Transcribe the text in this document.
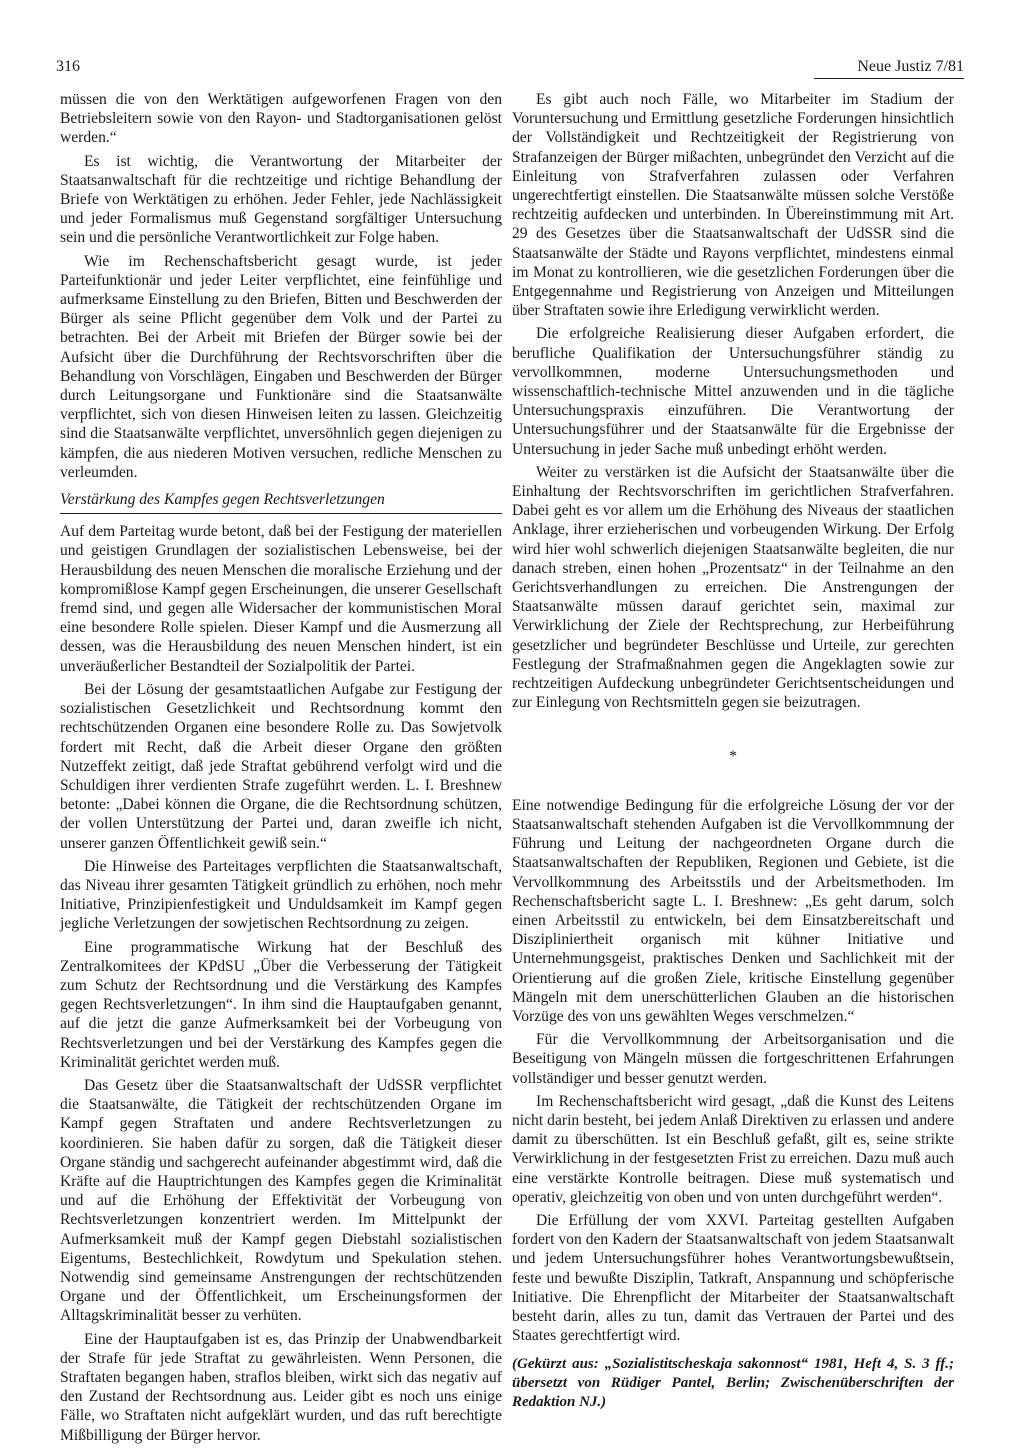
316	Neue Justiz 7/81

müssen die von den Werktätigen aufgeworfenen Fragen von den Betriebsleitern sowie von den Rayon- und Stadtorganisationen gelöst werden.“

Es ist wichtig, die Verantwortung der Mitarbeiter der Staatsanwaltschaft für die rechtzeitige und richtige Behandlung der Briefe von Werktätigen zu erhöhen. Jeder Fehler, jede Nachlässigkeit und jeder Formalismus muß Gegenstand sorgfältiger Untersuchung sein und die persönliche Verantwortlichkeit zur Folge haben.

Wie im Rechenschaftsbericht gesagt wurde, ist jeder Parteifunktionär und jeder Leiter verpflichtet, eine feinfühlige und aufmerksame Einstellung zu den Briefen, Bitten und Beschwerden der Bürger als seine Pflicht gegenüber dem Volk und der Partei zu betrachten. Bei der Arbeit mit Briefen der Bürger sowie bei der Aufsicht über die Durchführung der Rechtsvorschriften über die Behandlung von Vorschlägen, Eingaben und Beschwerden der Bürger durch Leitungsorgane und Funktionäre sind die Staatsanwälte verpflichtet, sich von diesen Hinweisen leiten zu lassen. Gleichzeitig sind die Staatsanwälte verpflichtet, unversöhnlich gegen diejenigen zu kämpfen, die aus niederen Motiven versuchen, redliche Menschen zu verleumden.

Verstärkung des Kampfes gegen Rechtsverletzungen

Auf dem Parteitag wurde betont, daß bei der Festigung der materiellen und geistigen Grundlagen der sozialistischen Lebensweise, bei der Herausbildung des neuen Menschen die moralische Erziehung und der kompromißlose Kampf gegen Erscheinungen, die unserer Gesellschaft fremd sind, und gegen alle Widersacher der kommunistischen Moral eine besondere Rolle spielen. Dieser Kampf und die Ausmerzung all dessen, was die Herausbildung des neuen Menschen hindert, ist ein unveräußerlicher Bestandteil der Sozialpolitik der Partei.

Bei der Lösung der gesamtstaatlichen Aufgabe zur Festigung der sozialistischen Gesetzlichkeit und Rechtsordnung kommt den rechtschützenden Organen eine besondere Rolle zu. Das Sowjetvolk fordert mit Recht, daß die Arbeit dieser Organe den größten Nutzeffekt zeitigt, daß jede Straftat gebührend verfolgt wird und die Schuldigen ihrer verdienten Strafe zugeführt werden. L. I. Breshnew betonte: „Dabei können die Organe, die die Rechtsordnung schützen, der vollen Unterstützung der Partei und, daran zweifle ich nicht, unserer ganzen Öffentlichkeit gewiß sein.“

Die Hinweise des Parteitages verpflichten die Staatsanwaltschaft, das Niveau ihrer gesamten Tätigkeit gründlich zu erhöhen, noch mehr Initiative, Prinzipienfestigkeit und Unduldsamkeit im Kampf gegen jegliche Verletzungen der sowjetischen Rechtsordnung zu zeigen.

Eine programmatische Wirkung hat der Beschluß des Zentralkomitees der KPdSU „Über die Verbesserung der Tätigkeit zum Schutz der Rechtsordnung und die Verstärkung des Kampfes gegen Rechtsverletzungen“. In ihm sind die Hauptaufgaben genannt, auf die jetzt die ganze Aufmerksamkeit bei der Vorbeugung von Rechtsverletzungen und bei der Verstärkung des Kampfes gegen die Kriminalität gerichtet werden muß.

Das Gesetz über die Staatsanwaltschaft der UdSSR verpflichtet die Staatsanwälte, die Tätigkeit der rechtschützenden Organe im Kampf gegen Straftaten und andere Rechtsverletzungen zu koordinieren. Sie haben dafür zu sorgen, daß die Tätigkeit dieser Organe ständig und sachgerecht aufeinander abgestimmt wird, daß die Kräfte auf die Hauptrichtungen des Kampfes gegen die Kriminalität und auf die Erhöhung der Effektivität der Vorbeugung von Rechtsverletzungen konzentriert werden. Im Mittelpunkt der Aufmerksamkeit muß der Kampf gegen Diebstahl sozialistischen Eigentums, Bestechlichkeit, Rowdytum und Spekulation stehen. Notwendig sind gemeinsame Anstrengungen der rechtschützenden Organe und der Öffentlichkeit, um Erscheinungsformen der Alltagskriminalität besser zu verhüten.

Eine der Hauptaufgaben ist es, das Prinzip der Unabwendbarkeit der Strafe für jede Straftat zu gewährleisten. Wenn Personen, die Straftaten begangen haben, straflos bleiben, wirkt sich das negativ auf den Zustand der Rechtsordnung aus. Leider gibt es noch uns einige Fälle, wo Straftaten nicht aufgeklärt wurden, und das ruft berechtigte Mißbilligung der Bürger hervor.

Es gibt auch noch Fälle, wo Mitarbeiter im Stadium der Voruntersuchung und Ermittlung gesetzliche Forderungen hinsichtlich der Vollständigkeit und Rechtzeitigkeit der Registrierung von Strafanzeigen der Bürger mißachten, unbegründet den Verzicht auf die Einleitung von Strafverfahren zulassen oder Verfahren ungerechtfertigt einstellen. Die Staatsanwälte müssen solche Verstöße rechtzeitig aufdecken und unterbinden. In Übereinstimmung mit Art. 29 des Gesetzes über die Staatsanwaltschaft der UdSSR sind die Staatsanwälte der Städte und Rayons verpflichtet, mindestens einmal im Monat zu kontrollieren, wie die gesetzlichen Forderungen über die Entgegennahme und Registrierung von Anzeigen und Mitteilungen über Straftaten sowie ihre Erledigung verwirklicht werden.

Die erfolgreiche Realisierung dieser Aufgaben erfordert, die berufliche Qualifikation der Untersuchungsführer ständig zu vervollkommnen, moderne Untersuchungsmethoden und wissenschaftlich-technische Mittel anzuwenden und in die tägliche Untersuchungspraxis einzuführen. Die Verantwortung der Untersuchungsführer und der Staatsanwälte für die Ergebnisse der Untersuchung in jeder Sache muß unbedingt erhöht werden.

Weiter zu verstärken ist die Aufsicht der Staatsanwälte über die Einhaltung der Rechtsvorschriften im gerichtlichen Strafverfahren. Dabei geht es vor allem um die Erhöhung des Niveaus der staatlichen Anklage, ihrer erzieherischen und vorbeugenden Wirkung. Der Erfolg wird hier wohl schwerlich diejenigen Staatsanwälte begleiten, die nur danach streben, einen hohen „Prozentsatz“ in der Teilnahme an den Gerichtsverhandlungen zu erreichen. Die Anstrengungen der Staatsanwälte müssen darauf gerichtet sein, maximal zur Verwirklichung der Ziele der Rechtsprechung, zur Herbeiführung gesetzlicher und begründeter Beschlüsse und Urteile, zur gerechten Festlegung der Strafmaßnahmen gegen die Angeklagten sowie zur rechtzeitigen Aufdeckung unbegründeter Gerichtsentscheidungen und zur Einlegung von Rechtsmitteln gegen sie beizutragen.

*

Eine notwendige Bedingung für die erfolgreiche Lösung der vor der Staatsanwaltschaft stehenden Aufgaben ist die Vervollkommnung der Führung und Leitung der nachgeordneten Organe durch die Staatsanwaltschaften der Republiken, Regionen und Gebiete, ist die Vervollkommnung des Arbeitsstils und der Arbeitsmethoden. Im Rechenschaftsbericht sagte L. I. Breshnew: „Es geht darum, solch einen Arbeitsstil zu entwickeln, bei dem Einsatzbereitschaft und Diszipliniertheit organisch mit kühner Initiative und Unternehmungsgeist, praktisches Denken und Sachlichkeit mit der Orientierung auf die großen Ziele, kritische Einstellung gegenüber Mängeln mit dem unerschütterlichen Glauben an die historischen Vorzüge des von uns gewählten Weges verschmelzen.“

Für die Vervollkommnung der Arbeitsorganisation und die Beseitigung von Mängeln müssen die fortgeschrittenen Erfahrungen vollständiger und besser genutzt werden.

Im Rechenschaftsbericht wird gesagt, „daß die Kunst des Leitens nicht darin besteht, bei jedem Anlaß Direktiven zu erlassen und andere damit zu überschütten. Ist ein Beschluß gefaßt, gilt es, seine strikte Verwirklichung in der festgesetzten Frist zu erreichen. Dazu muß auch eine verstärkte Kontrolle beitragen. Diese muß systematisch und operativ, gleichzeitig von oben und von unten durchgeführt werden“.

Die Erfüllung der vom XXVI. Parteitag gestellten Aufgaben fordert von den Kadern der Staatsanwaltschaft von jedem Staatsanwalt und jedem Untersuchungsführer hohes Verantwortungsbewußtsein, feste und bewußte Disziplin, Tatkraft, Anspannung und schöpferische Initiative. Die Ehrenpflicht der Mitarbeiter der Staatsanwaltschaft besteht darin, alles zu tun, damit das Vertrauen der Partei und des Staates gerechtfertigt wird.

(Gekürzt aus: „Sozialistitscheskaja sakonnost“ 1981, Heft 4, S. 3 ff.; übersetzt von Rüdiger Pantel, Berlin; Zwischenüberschriften der Redaktion NJ.)
